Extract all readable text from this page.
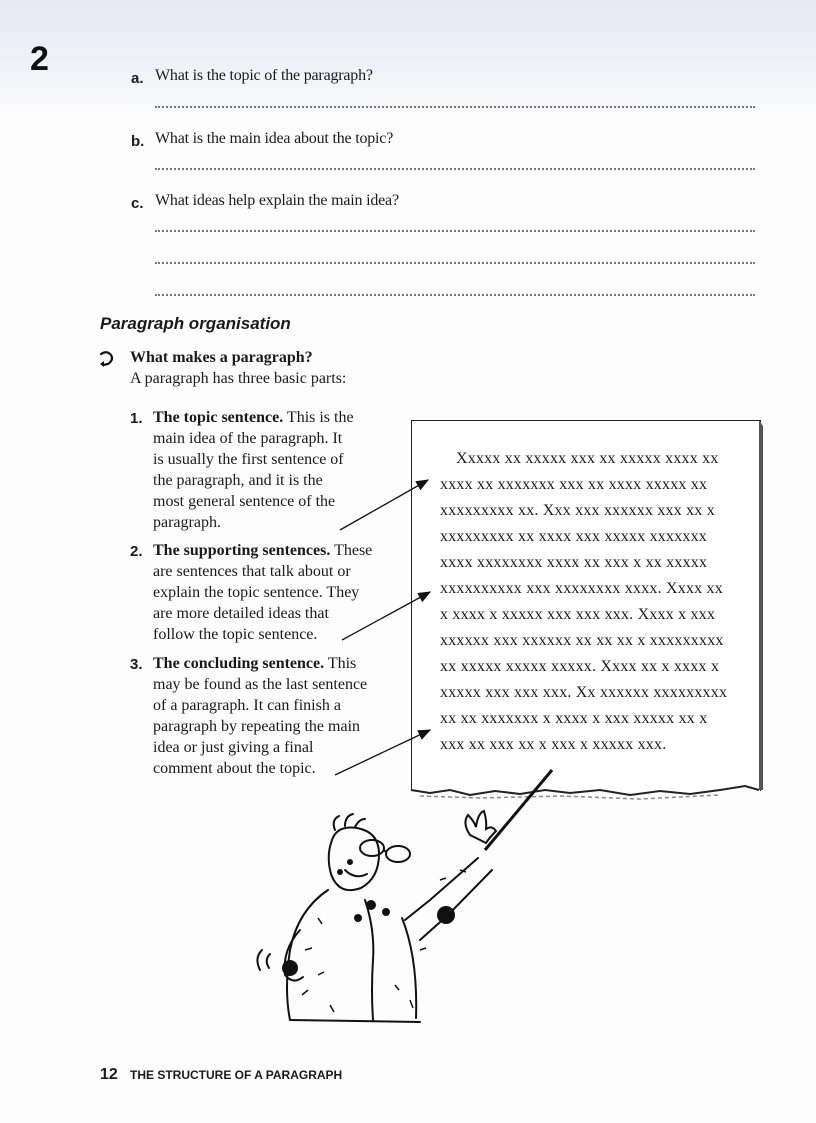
2
a. What is the topic of the paragraph?
b. What is the main idea about the topic?
c. What ideas help explain the main idea?
Paragraph organisation
What makes a paragraph?
A paragraph has three basic parts:
1. The topic sentence. This is the
main idea of the paragraph. It
is usually the first sentence of
the paragraph, and it is the
most general sentence of the
paragraph.
2. The supporting sentences. These
are sentences that talk about or
explain the topic sentence. They
are more detailed ideas that
follow the topic sentence.
3. The concluding sentence. This
may be found as the last sentence
of a paragraph. It can finish a
paragraph by repeating the main
idea or just giving a final
comment about the topic.
Xxxxx xx xxxxx xxx xx xxxxx xxxx xx
xxxx xx xxxxxxx xxx xx xxxx xxxxx xx
xxxxxxxxx xx. Xxx xxx xxxxxx xxx xx x
xxxxxxxxx xx xxxx xxx xxxxx xxxxxxx
xxxx xxxxxxxx xxxx xx xxx x xx xxxxx
xxxxxxxxxx xxx xxxxxxxx xxxx. Xxxx xx
x xxxx x xxxxx xxx xxx xxx. Xxxx x xxx
xxxxxx xxx xxxxxx xx xx xx x xxxxxxxxx
xx xxxxx xxxxx xxxxx. Xxxx xx x xxxx x
xxxxx xxx xxx xxx. Xx xxxxxx xxxxxxxxx
xx xx xxxxxxx x xxxx x xxx xxxxx xx x
xxx xx xxx xx x xxx x xxxxx xxx.
12 THE STRUCTURE OF A PARAGRAPH
